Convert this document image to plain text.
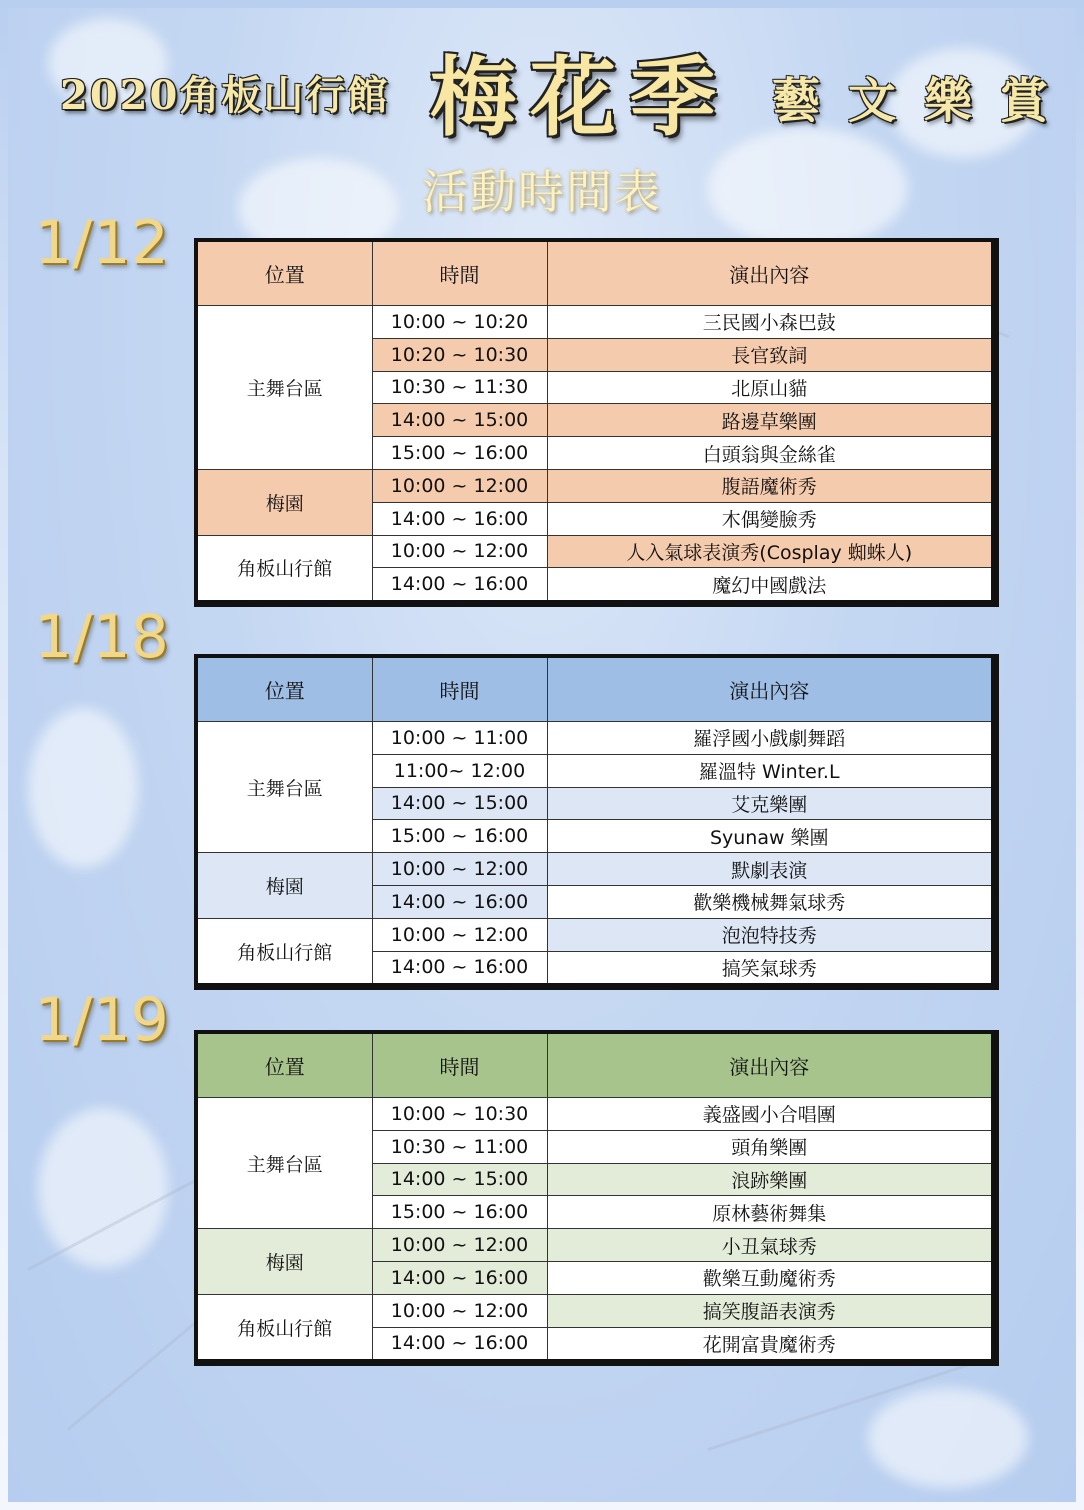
2020角板山行館 梅花季 藝文樂賞
活動時間表
1/12	位置	時間	演出內容
主舞台區	10:00 ~ 10:20	三民國小森巴鼓
	10:20 ~ 10:30	長官致詞
	10:30 ~ 11:30	北原山貓
	14:00 ~ 15:00	路邊草樂團
	15:00 ~ 16:00	白頭翁與金絲雀
梅園	10:00 ~ 12:00	腹語魔術秀
	14:00 ~ 16:00	木偶變臉秀
角板山行館	10:00 ~ 12:00	人入氣球表演秀(Cosplay 蜘蛛人)
	14:00 ~ 16:00	魔幻中國戲法
1/18
位置	時間	演出內容
主舞台區	10:00 ~ 11:00	羅浮國小戲劇舞蹈
	11:00~ 12:00	羅溫特 Winter.L
	14:00 ~ 15:00	艾克樂團
	15:00 ~ 16:00	Syunaw 樂團
梅園	10:00 ~ 12:00	默劇表演
	14:00 ~ 16:00	歡樂機械舞氣球秀
角板山行館	10:00 ~ 12:00	泡泡特技秀
	14:00 ~ 16:00	搞笑氣球秀
1/19
位置	時間	演出內容
主舞台區	10:00 ~ 10:30	義盛國小合唱團
	10:30 ~ 11:00	頭角樂團
	14:00 ~ 15:00	浪跡樂團
	15:00 ~ 16:00	原林藝術舞集
梅園	10:00 ~ 12:00	小丑氣球秀
	14:00 ~ 16:00	歡樂互動魔術秀
角板山行館	10:00 ~ 12:00	搞笑腹語表演秀
	14:00 ~ 16:00	花開富貴魔術秀
